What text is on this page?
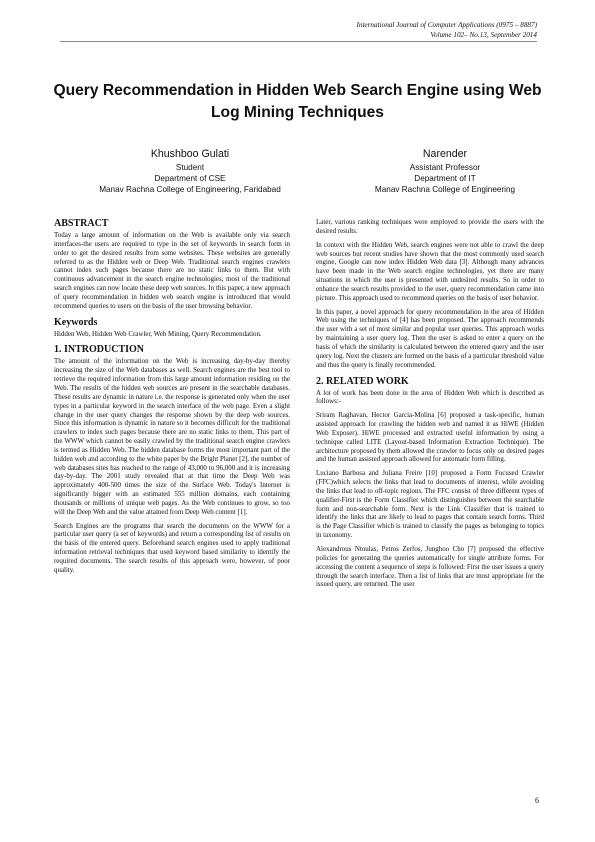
International Journal of Computer Applications (0975 – 8887)
Volume 102– No.13, September 2014
Query Recommendation in Hidden Web Search Engine using Web Log Mining Techniques
Khushboo Gulati
Student
Department of CSE
Manav Rachna College of Engineering, Faridabad
Narender
Assistant Professor
Department of IT
Manav Rachna College of Engineering
ABSTRACT

Today a large amount of information on the Web is available only via search interfaces-the users are required to type in the set of keywords in search form in order to get the desired results from some websites. These websites are generally referred to as the Hidden web or Deep Web. Traditional search engines crawlers cannot index such pages because there are no static links to them. But with continuous advancement in the search engine technologies, most of the traditional search engines can now locate these deep web sources. In this paper, a new approach of query recommendation in hidden web search engine is introduced that would recommend queries to users on the basis of the user browsing behavior.

Keywords

Hidden Web, Hidden Web Crawler, Web Mining, Query Recommendation.

1. INTRODUCTION

The amount of the information on the Web is increasing day-by-day thereby increasing the size of the Web databases as well. Search engines are the best tool to retrieve the required information from this large amount information residing on the Web. The results of the hidden web sources are present in the searchable databases. These results are dynamic in nature i.e. the response is generated only when the user types in a particular keyword in the search interface of the web page. Even a slight change in the user query changes the response shown by the deep web sources. Since this information is dynamic in nature so it becomes difficult for the traditional crawlers to index such pages because there are no static links to them. This part of the WWW which cannot be easily crawled by the traditional search engine crawlers is termed as Hidden Web. The hidden database forms the most important part of the hidden web and according to the white paper by the Bright Planet [2], the number of web databases sites has reached to the range of 43,000 to 96,000 and it is increasing day-by-day. The 2001 study revealed that at that time the Deep Web was approximately 400-500 times the size of the Surface Web. Today's Internet is significantly bigger with an estimated 555 million domains, each containing thousands or millions of unique web pages. As the Web continues to grow, so too will the Deep Web and the value attained from Deep Web content [1].

Search Engines are the programs that search the documents on the WWW for a particular user query (a set of keywords) and return a corresponding list of results on the basis of the entered query. Beforehand search engines used to apply traditional information retrieval techniques that used keyword based similarity to identify the required documents. The search results of this approach were, however, of poor quality.

Later, various ranking techniques were employed to provide the users with the desired results.

In context with the Hidden Web, search engines were not able to crawl the deep web sources but recent studies have shown that the most commonly used search engine, Google can now index Hidden Web data [3]. Although many advances have been made in the Web search engine technologies, yet there are many situations in which the user is presented with undesired results. So in order to enhance the search results provided to the user, query recommendation came into picture. This approach used to recommend queries on the basis of user behavior.

In this paper, a novel approach for query recommendation in the area of Hidden Web using the techniques of [4] has been proposed. The approach recommends the user with a set of most similar and popular user queries. This approach works by maintaining a user query log. Then the user is asked to enter a query on the basis of which the similarity is calculated between the entered query and the user query log. Next the clusters are formed on the basis of a particular threshold value and thus the query is finally recommended.

2. RELATED WORK

A lot of work has been done in the area of Hidden Web which is described as follows:-

Sriram Raghavan, Hector Garcia-Molina [6] proposed a task-specific, human assisted approach for crawling the hidden web and named it as HiWE (Hidden Web Exposer). HiWE processed and extracted useful information by using a technique called LITE (Layout-based Information Extraction Technique). The architecture proposed by them allowed the crawler to focus only on desired pages and the human assisted approach allowed for automatic form filling.

Luciano Barbosa and Juliana Freire [10] proposed a Form Focused Crawler (FFC)which selects the links that lead to documents of interest, while avoiding the links that lead to off-topic regions. The FFC consist of three different types of qualifier-First is the Form Classifier which distinguishes between the searchable form and non-searchable form. Next is the Link Classifier that is trained to identify the links that are likely to lead to pages that contain search forms. Third is the Page Classifier which is trained to classify the pages as belonging to topics in taxonomy.

Alexandrous Ntoulas, Petros Zerfos, Junghoo Cho [7] proposed the effective policies for generating the queries automatically for single attribute forms. For accessing the content a sequence of steps is followed: First the user issues a query through the search interface. Then a list of links that are most appropriate for the issued query, are returned. The user

6
